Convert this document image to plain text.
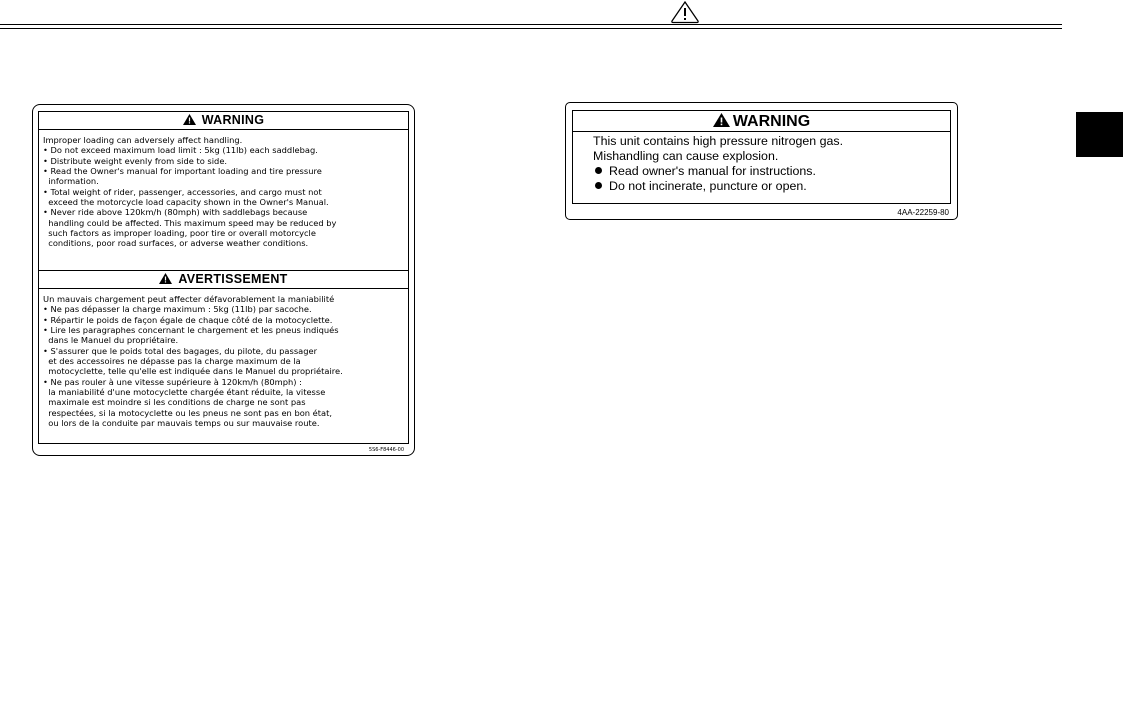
WARNING
Improper loading can adversely affect handling.
• Do not exceed maximum load limit : 5kg (11lb) each saddlebag.
• Distribute weight evenly from side to side.
• Read the Owner's manual for important loading and tire pressure
information.
• Total weight of rider, passenger, accessories, and cargo must not
exceed the motorcycle load capacity shown in the Owner's Manual.
• Never ride above 120km/h (80mph) with saddlebags because
handling could be affected. This maximum speed may be reduced by
such factors as improper loading, poor tire or overall motorcycle
conditions, poor road surfaces, or adverse weather conditions.
AVERTISSEMENT
Un mauvais chargement peut affecter défavorablement la maniabilité
• Ne pas dépasser la charge maximum : 5kg (11lb) par sacoche.
• Répartir le poids de façon égale de chaque côté de la motocyclette.
• Lire les paragraphes concernant le chargement et les pneus indiqués
dans le Manuel du propriétaire.
• S'assurer que le poids total des bagages, du pilote, du passager
et des accessoires ne dépasse pas la charge maximum de la
motocyclette, telle qu'elle est indiquée dans le Manuel du propriétaire.
• Ne pas rouler à une vitesse supérieure à 120km/h (80mph) :
la maniabilité d'une motocyclette chargée étant réduite, la vitesse
maximale est moindre si les conditions de charge ne sont pas
respectées, si la motocyclette ou les pneus ne sont pas en bon état,
ou lors de la conduite par mauvais temps ou sur mauvaise route.
5S6-F8446-00
WARNING
This unit contains high pressure nitrogen gas.
Mishandling can cause explosion.
Read owner's manual for instructions.
Do not incinerate, puncture or open.
4AA-22259-80
